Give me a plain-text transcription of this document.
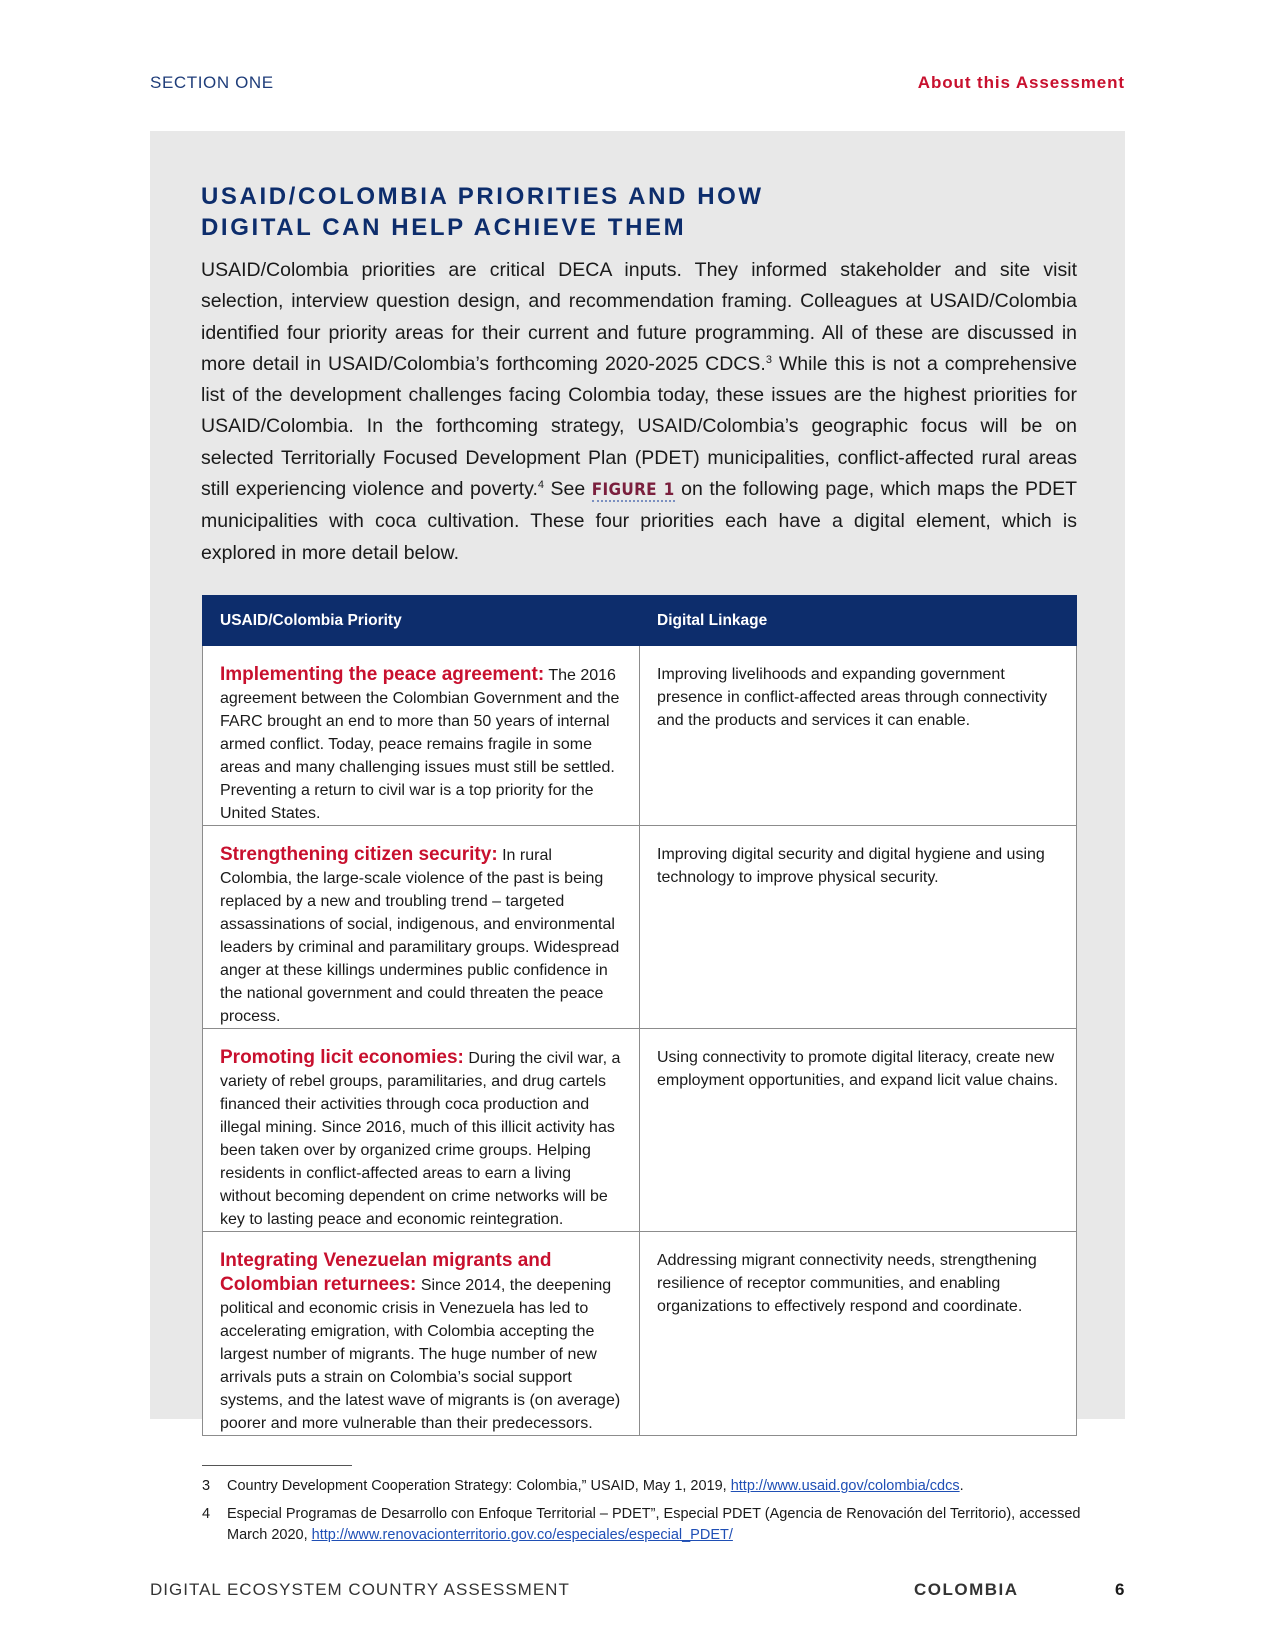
SECTION ONE	About this Assessment
USAID/COLOMBIA PRIORITIES AND HOW
DIGITAL CAN HELP ACHIEVE THEM

USAID/Colombia priorities are critical DECA inputs. They informed stakeholder and site visit selection, interview question design, and recommendation framing. Colleagues at USAID/Colombia identified four priority areas for their current and future programming. All of these are discussed in more detail in USAID/Colombia’s forthcoming 2020-2025 CDCS.$^3$ While this is not a comprehensive list of the development challenges facing Colombia today, these issues are the highest priorities for USAID/Colombia. In the forthcoming strategy, USAID/Colombia’s geographic focus will be on selected Territorially Focused Development Plan (PDET) municipalities, conflict-affected rural areas still experiencing violence and poverty.$^4$ See FIGURE 1 on the following page, which maps the PDET municipalities with coca cultivation. These four priorities each have a digital element, which is explored in more detail below.

USAID/Colombia Priority	Digital Linkage
Implementing the peace agreement: The 2016 agreement between the Colombian Government and the FARC brought an end to more than 50 years of internal armed conflict. Today, peace remains fragile in some areas and many challenging issues must still be settled. Preventing a return to civil war is a top priority for the United States.	Improving livelihoods and expanding government presence in conflict-affected areas through connectivity and the products and services it can enable.
Strengthening citizen security: In rural Colombia, the large-scale violence of the past is being replaced by a new and troubling trend – targeted assassinations of social, indigenous, and environmental leaders by criminal and paramilitary groups. Widespread anger at these killings undermines public confidence in the national government and could threaten the peace process.	Improving digital security and digital hygiene and using technology to improve physical security.
Promoting licit economies: During the civil war, a variety of rebel groups, paramilitaries, and drug cartels financed their activities through coca production and illegal mining. Since 2016, much of this illicit activity has been taken over by organized crime groups. Helping residents in conflict-affected areas to earn a living without becoming dependent on crime networks will be key to lasting peace and economic reintegration.	Using connectivity to promote digital literacy, create new employment opportunities, and expand licit value chains.
Integrating Venezuelan migrants and Colombian returnees: Since 2014, the deepening political and economic crisis in Venezuela has led to accelerating emigration, with Colombia accepting the largest number of migrants. The huge number of new arrivals puts a strain on Colombia’s social support systems, and the latest wave of migrants is (on average) poorer and more vulnerable than their predecessors.	Addressing migrant connectivity needs, strengthening resilience of receptor communities, and enabling organizations to effectively respond and coordinate.
3	Country Development Cooperation Strategy: Colombia,” USAID, May 1, 2019, http://www.usaid.gov/colombia/cdcs.
4	Especial Programas de Desarrollo con Enfoque Territorial – PDET”, Especial PDET (Agencia de Renovación del Territorio), accessed March 2020, http://www.renovacionterritorio.gov.co/especiales/especial_PDET/
DIGITAL ECOSYSTEM COUNTRY ASSESSMENT	COLOMBIA	6
